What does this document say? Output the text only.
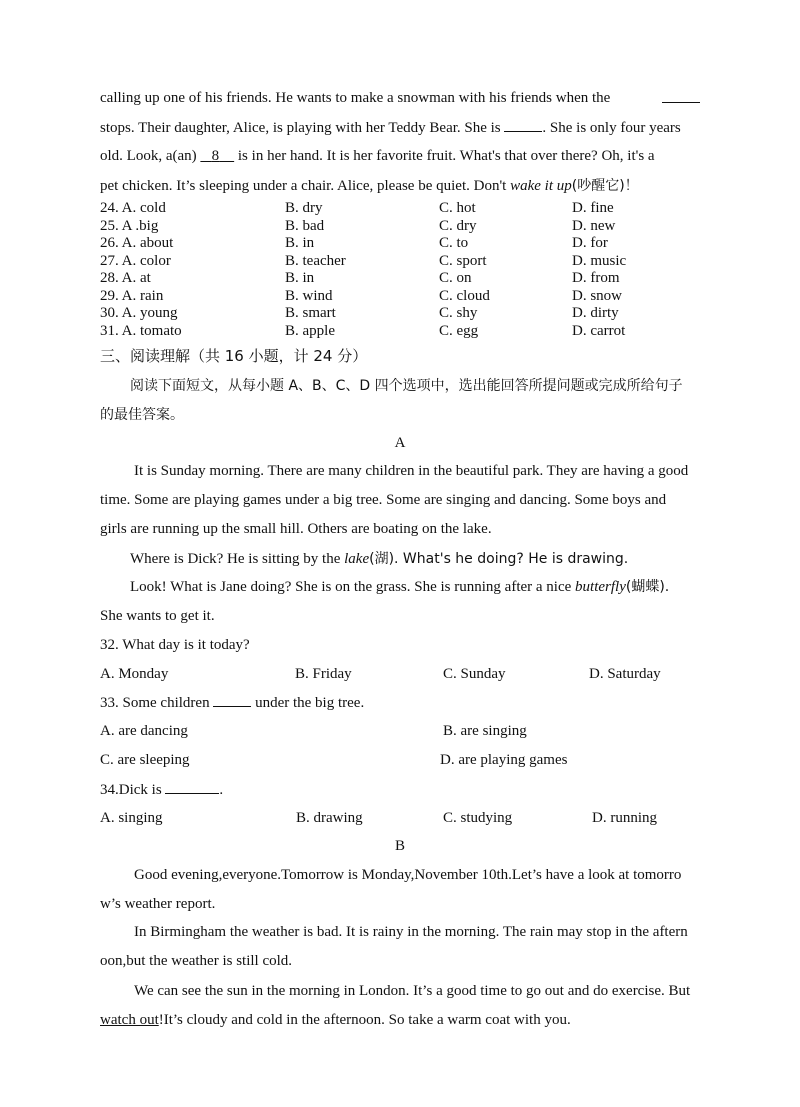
calling up one of his friends. He wants to make a snowman with his friends when the
stops. Their daughter, Alice, is playing with her Teddy Bear. She is	. She is only four years
old. Look, a(an)    8     is in her hand. It is her favorite fruit. What's that over there? Oh, it's a
pet chicken. It’s sleeping under a chair. Alice, please be quiet. Don't wake it up(吵醒它)！
24. A. cold	B. dry	C. hot	D. fine
25. A .big	B. bad	C. dry	D. new
26. A. about	B. in	C. to	D. for
27. A. color	B. teacher	C. sport	D. music
28. A. at	B. in	C. on	D. from
29. A. rain	B. wind	C. cloud	D. snow
30. A. young	B. smart	C. shy	D. dirty
31. A. tomato	B. apple	C. egg	D. carrot
三、阅读理解（共 16 小题，计 24 分）
阅读下面短文，从每小题 A、B、C、D 四个选项中，选出能回答所提问题或完成所给句子
的最佳答案。
A
It is Sunday morning. There are many children in the beautiful park. They are having a good
time. Some are playing games under a big tree. Some are singing and dancing. Some boys and
girls are running up the small hill. Others are boating on the lake.
Where is Dick? He is sitting by the lake(湖). What's he doing? He is drawing.
Look! What is Jane doing? She is on the grass. She is running after a nice butterfly(蝴蝶).
She wants to get it.
32. What day is it today?
A. Monday	B. Friday	C. Sunday	D. Saturday
33. Some children	under the big tree.
A. are dancing	B. are singing
C. are sleeping	D. are playing games
34.Dick is	.
A. singing	B. drawing	C. studying	D. running
B
Good evening,everyone.Tomorrow is Monday,November 10th.Let’s have a look at tomorro
w’s weather report.
In Birmingham the weather is bad. It is rainy in the morning. The rain may stop in the aftern
oon,but the weather is still cold.
We can see the sun in the morning in London. It’s a good time to go out and do exercise. But
watch out!It’s cloudy and cold in the afternoon. So take a warm coat with you.
